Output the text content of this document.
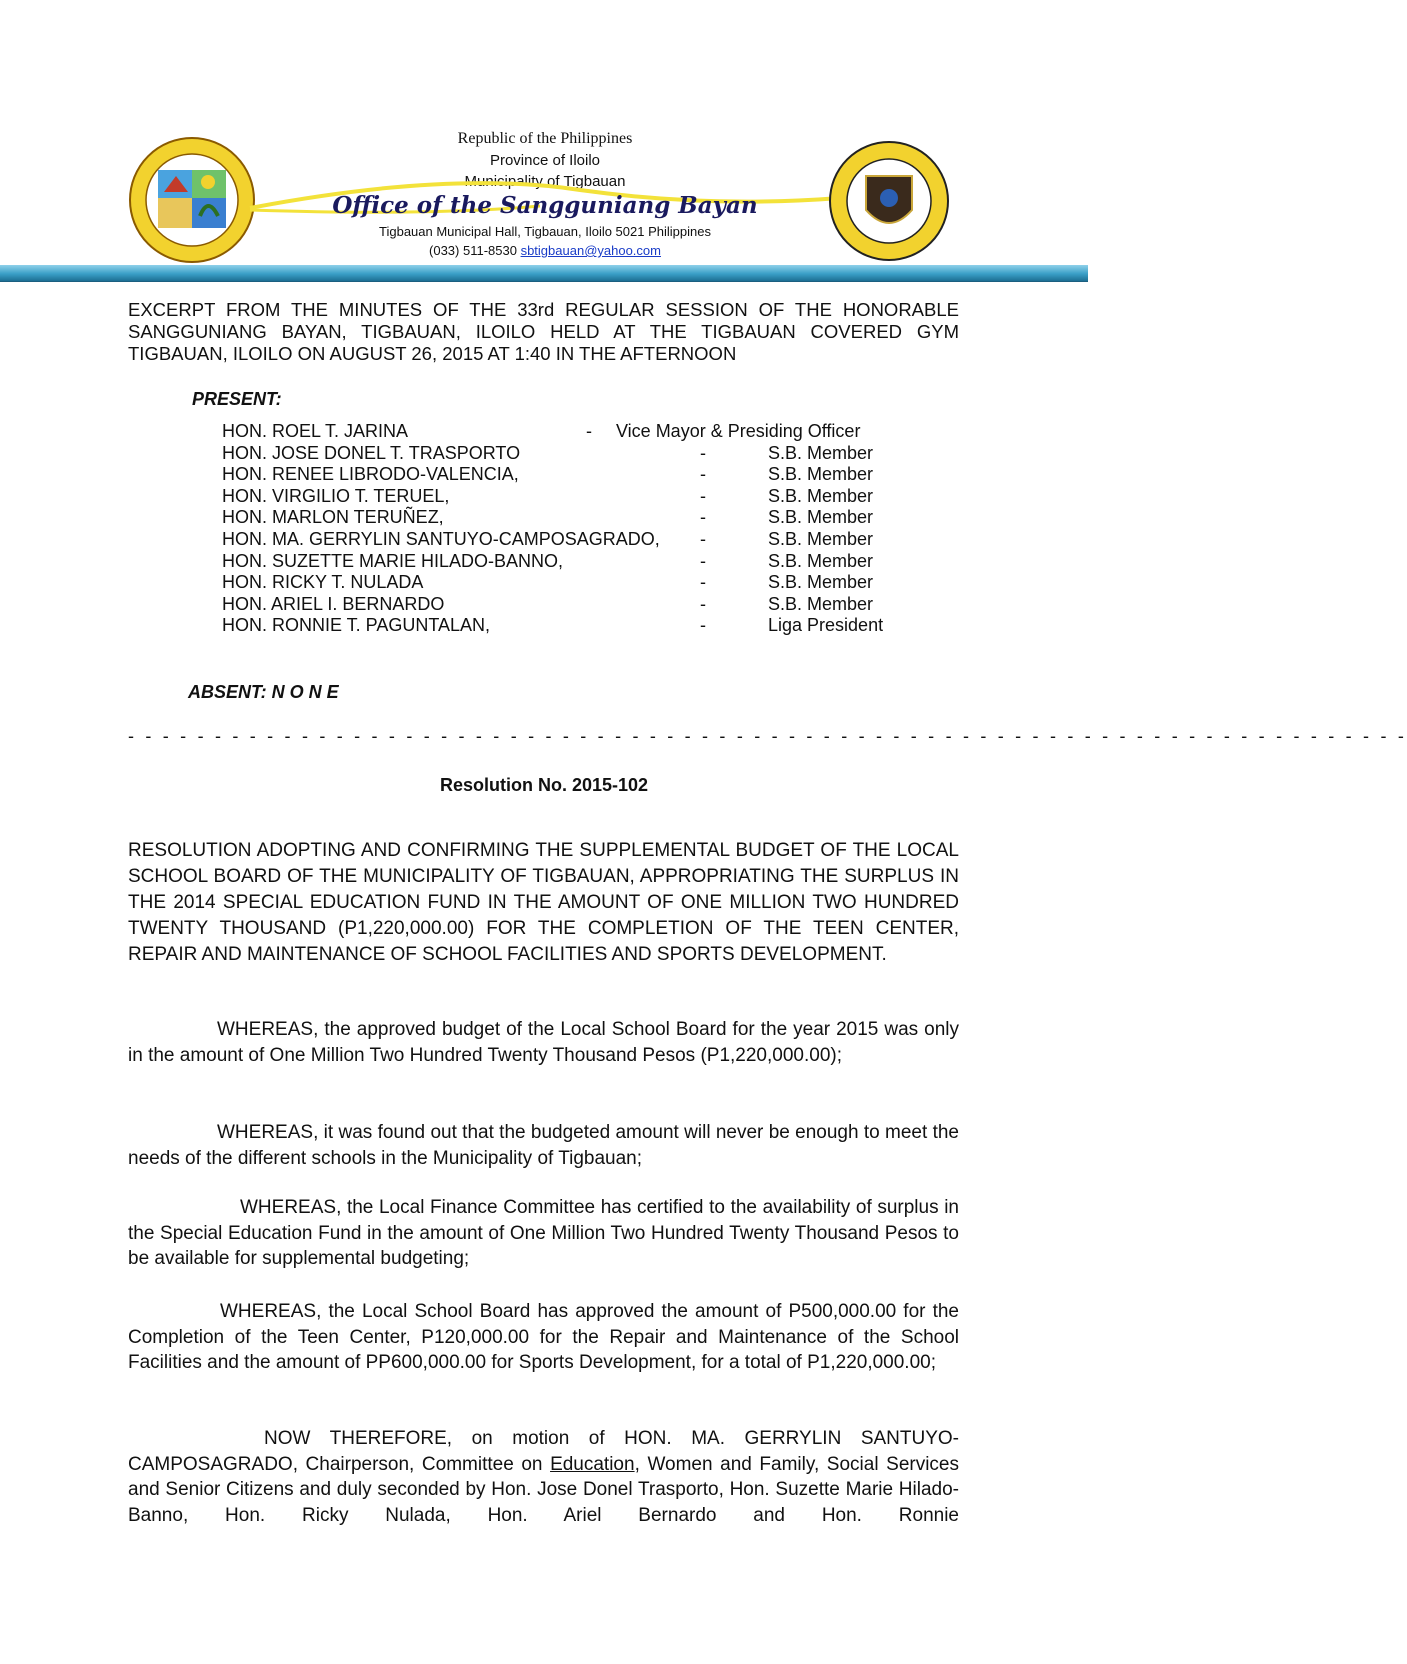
Republic of the Philippines
Province of Iloilo
Municipality of Tigbauan
Office of the Sangguniang Bayan
Tigbauan Municipal Hall, Tigbauan, Iloilo 5021 Philippines
(033) 511-8530 sbtigbauan@yahoo.com
EXCERPT FROM THE MINUTES OF THE 33rd REGULAR SESSION OF THE HONORABLE SANGGUNIANG BAYAN, TIGBAUAN, ILOILO HELD AT THE TIGBAUAN COVERED GYM TIGBAUAN, ILOILO ON AUGUST 26, 2015 AT 1:40 IN THE AFTERNOON
PRESENT:
HON. ROEL T. JARINA	- Vice Mayor & Presiding Officer
HON. JOSE DONEL T. TRASPORTO	-	S.B. Member
HON. RENEE LIBRODO-VALENCIA,	-	S.B. Member
HON. VIRGILIO T. TERUEL,	-	S.B. Member
HON. MARLON TERUÑEZ,	-	S.B. Member
HON. MA. GERRYLIN SANTUYO-CAMPOSAGRADO, -	S.B. Member
HON. SUZETTE MARIE HILADO-BANNO,	-	S.B. Member
HON. RICKY T. NULADA	-	S.B. Member
HON. ARIEL I. BERNARDO	-	S.B. Member
HON. RONNIE T. PAGUNTALAN,	-	Liga President
ABSENT: N O N E
- - - - - - - - - - - - - - - - - - - - - - - - - - - - - - - - - - - - - - - - - - - - - - - - - - - - - - - - - - - - - - - - - - - - - - - - - -
Resolution No. 2015-102
RESOLUTION ADOPTING AND CONFIRMING THE SUPPLEMENTAL BUDGET OF THE LOCAL SCHOOL BOARD OF THE MUNICIPALITY OF TIGBAUAN, APPROPRIATING THE SURPLUS IN THE 2014 SPECIAL EDUCATION FUND IN THE AMOUNT OF ONE MILLION TWO HUNDRED TWENTY THOUSAND (P1,220,000.00) FOR THE COMPLETION OF THE TEEN CENTER, REPAIR AND MAINTENANCE OF SCHOOL FACILITIES AND SPORTS DEVELOPMENT.
WHEREAS, the approved budget of the Local School Board for the year 2015 was only in the amount of One Million Two Hundred Twenty Thousand Pesos (P1,220,000.00);
WHEREAS, it was found out that the budgeted amount will never be enough to meet the needs of the different schools in the Municipality of Tigbauan;
WHEREAS, the Local Finance Committee has certified to the availability of surplus in the Special Education Fund in the amount of One Million Two Hundred Twenty Thousand Pesos to be available for supplemental budgeting;
WHEREAS, the Local School Board has approved the amount of P500,000.00 for the Completion of the Teen Center, P120,000.00 for the Repair and Maintenance of the School Facilities and the amount of PP600,000.00 for Sports Development, for a total of P1,220,000.00;
NOW THEREFORE, on motion of HON. MA. GERRYLIN SANTUYO-CAMPOSAGRADO, Chairperson, Committee on Education, Women and Family, Social Services and Senior Citizens and duly seconded by Hon. Jose Donel Trasporto, Hon. Suzette Marie Hilado-Banno, Hon. Ricky Nulada, Hon. Ariel Bernardo and Hon. Ronnie
